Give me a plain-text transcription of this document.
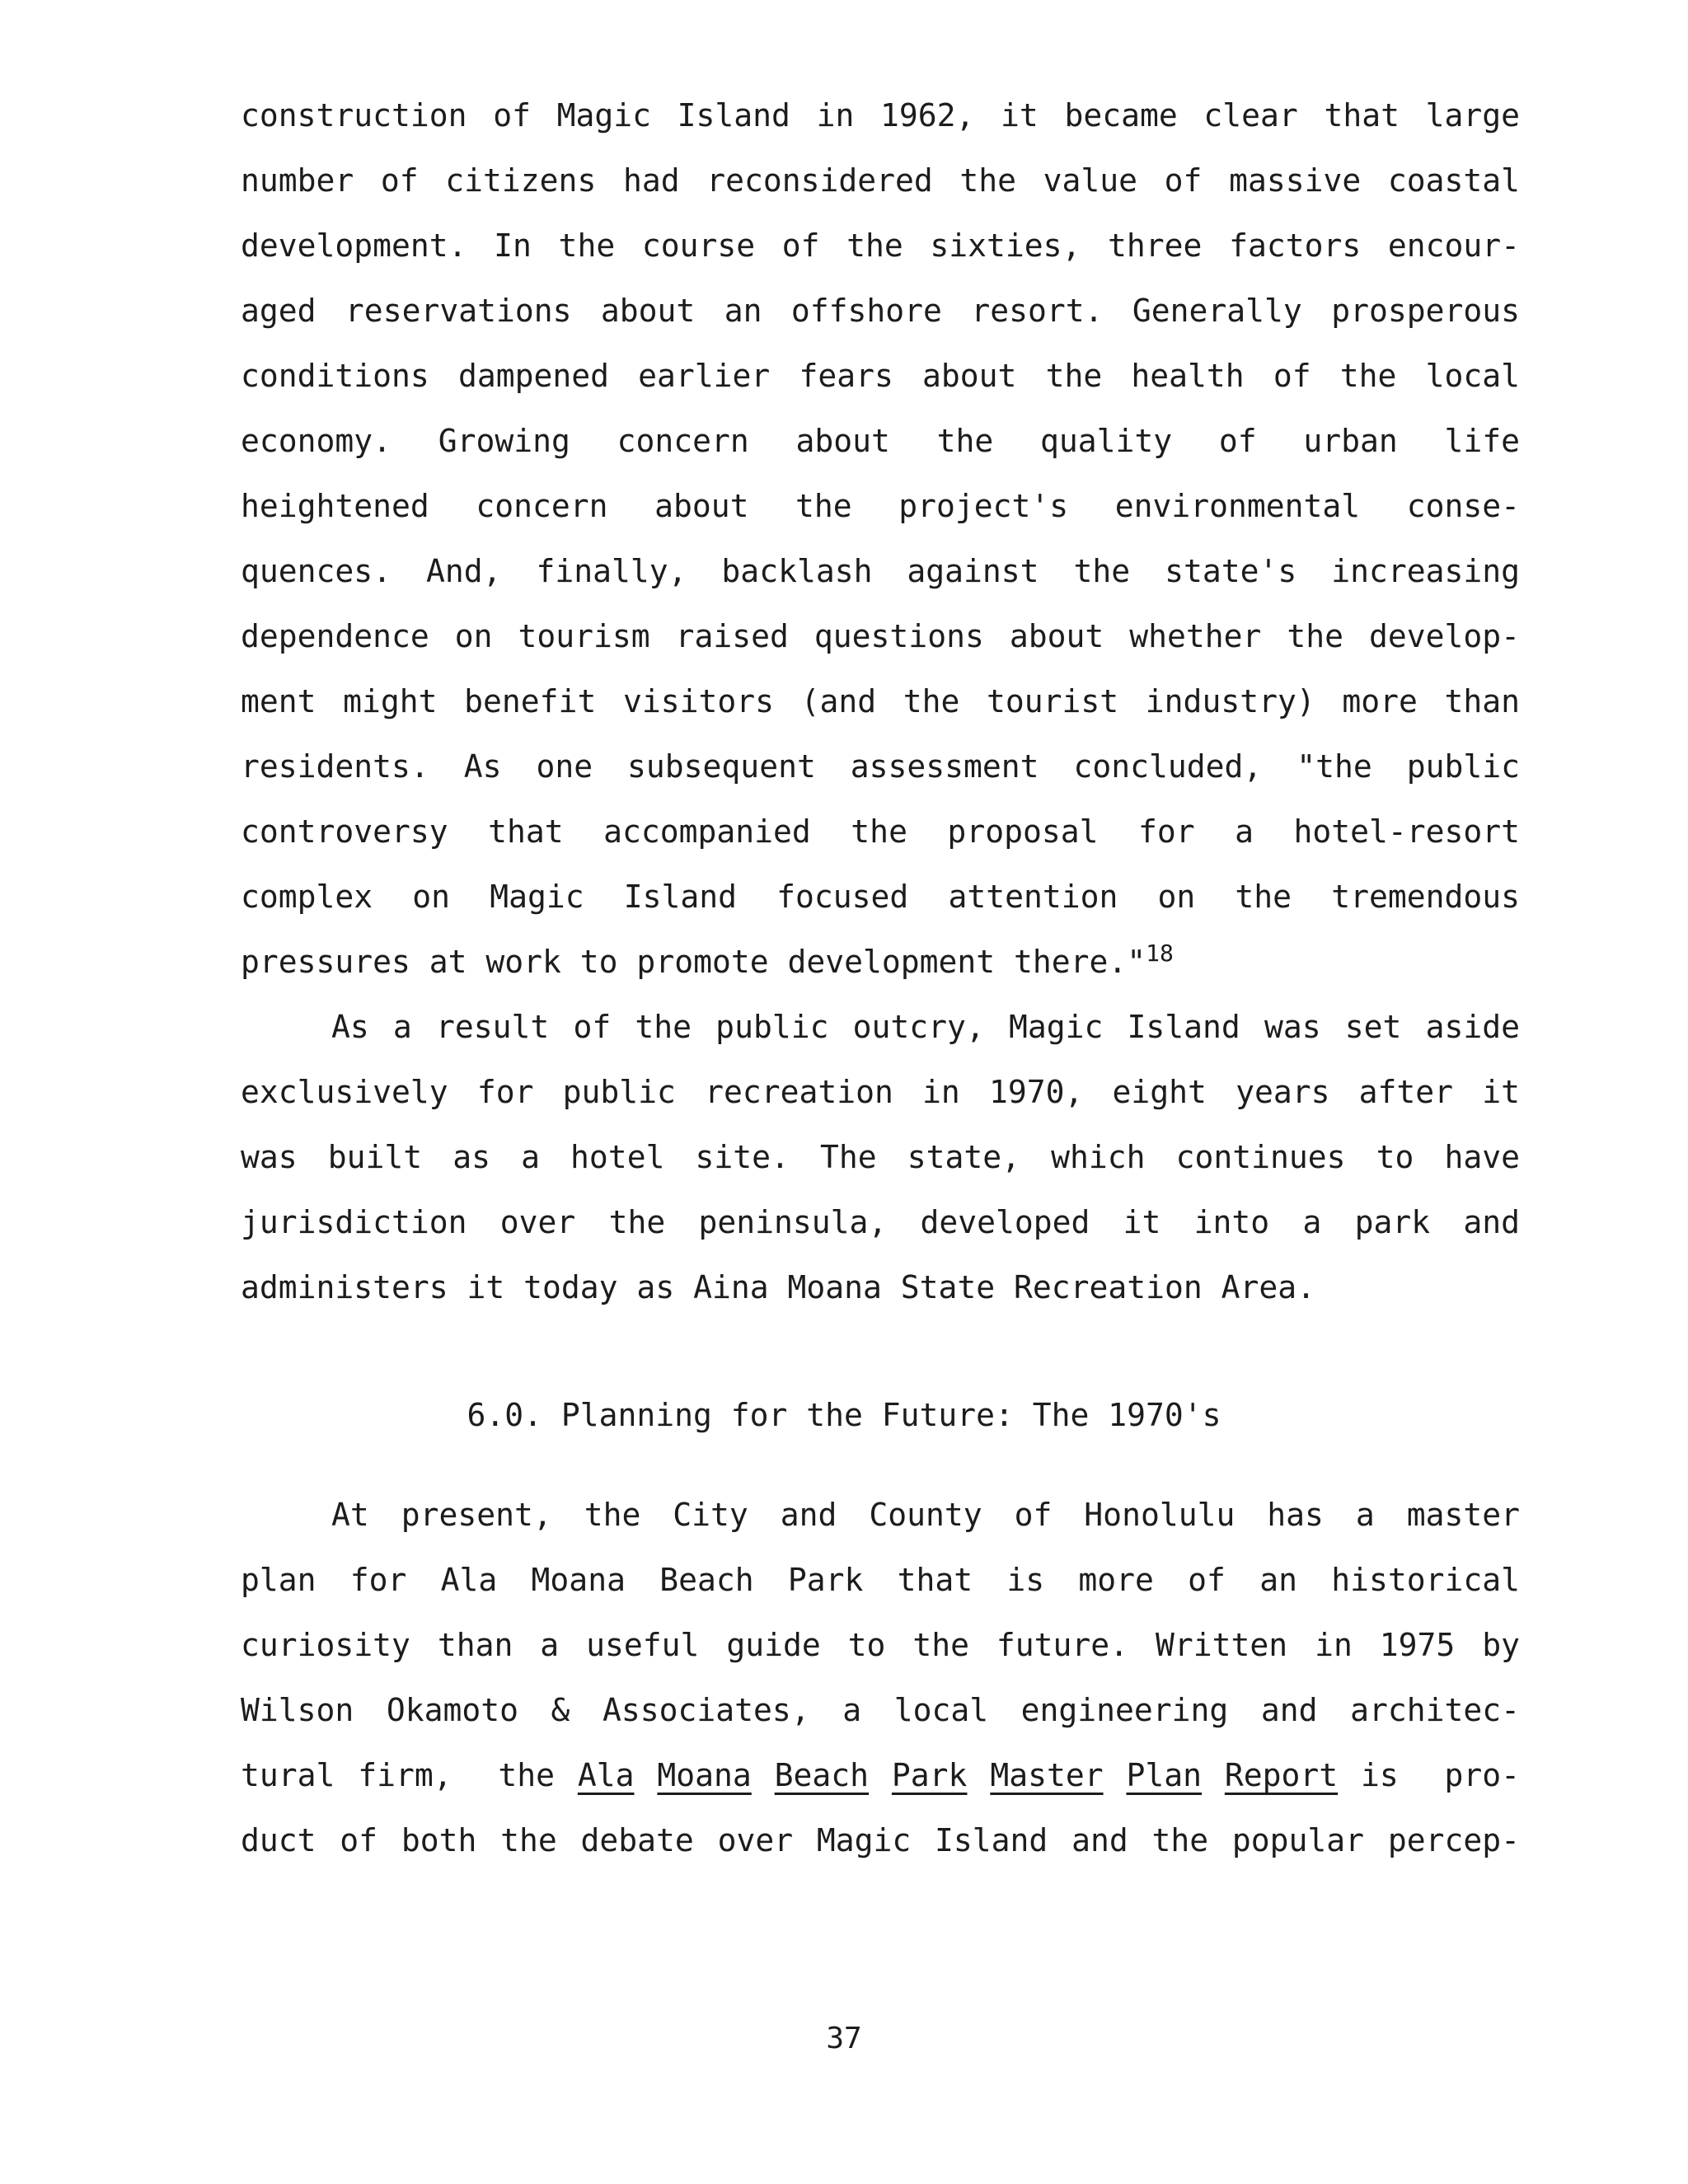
construction of Magic Island in 1962, it became clear that large
number of citizens had reconsidered the value of massive coastal
development. In the course of the sixties, three factors encour-
aged reservations about an offshore resort. Generally prosperous
conditions dampened earlier fears about the health of the local
economy. Growing concern about the quality of urban life
heightened concern about the project's environmental conse-
quences. And, finally, backlash against the state's increasing
dependence on tourism raised questions about whether the develop-
ment might benefit visitors (and the tourist industry) more than
residents. As one subsequent assessment concluded, "the public
controversy that accompanied the proposal for a hotel-resort
complex on Magic Island focused attention on the tremendous
pressures at work to promote development there."$^{18}$
As a result of the public outcry, Magic Island was set aside
exclusively for public recreation in 1970, eight years after it
was built as a hotel site. The state, which continues to have
jurisdiction over the peninsula, developed it into a park and
administers it today as Aina Moana State Recreation Area.
6.0. Planning for the Future: The 1970's
At present, the City and County of Honolulu has a master
plan for Ala Moana Beach Park that is more of an historical
curiosity than a useful guide to the future. Written in 1975 by
Wilson Okamoto & Associates, a local engineering and architec-
tural firm,  the Ala Moana Beach Park Master Plan Report is  pro-
duct of both the debate over Magic Island and the popular percep-
37
